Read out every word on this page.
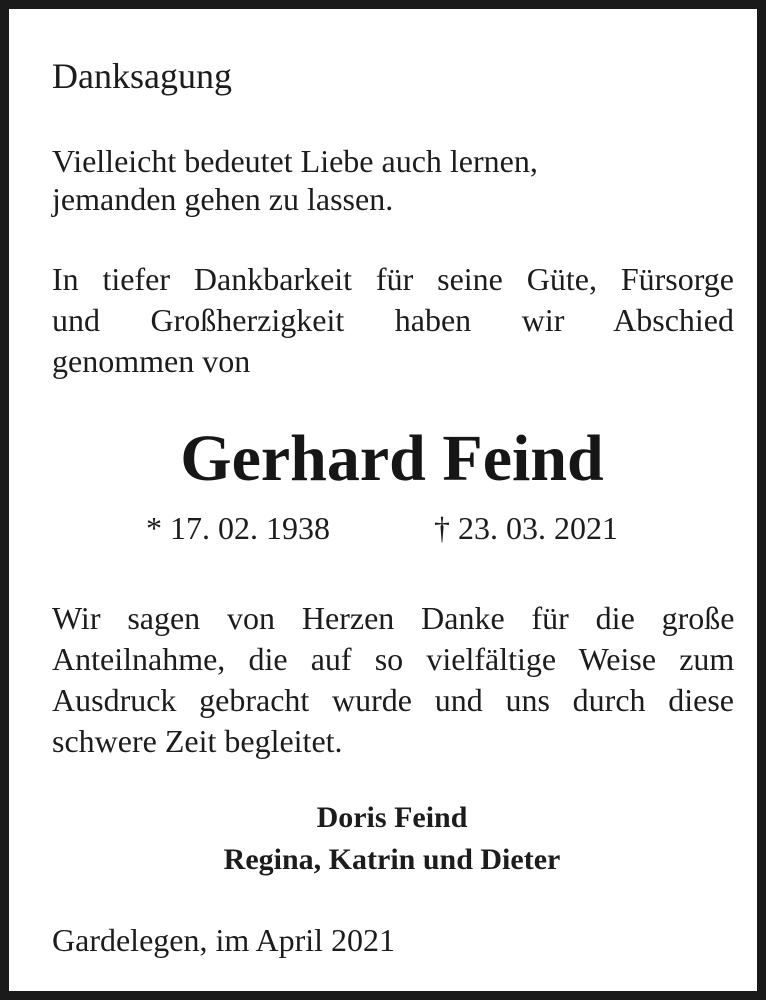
Danksagung

Vielleicht bedeutet Liebe auch lernen,
jemanden gehen zu lassen.
In tiefer Dankbarkeit für seine Güte, Fürsorge
und Großherzigkeit haben wir Abschied
genommen von

Gerhard Feind

* 17. 02. 1938	† 23. 03. 2021

Wir sagen von Herzen Danke für die große
Anteilnahme, die auf so vielfältige Weise zum
Ausdruck gebracht wurde und uns durch diese
schwere Zeit begleitet.

Doris Feind

Regina, Katrin und Dieter

Gardelegen, im April 2021
